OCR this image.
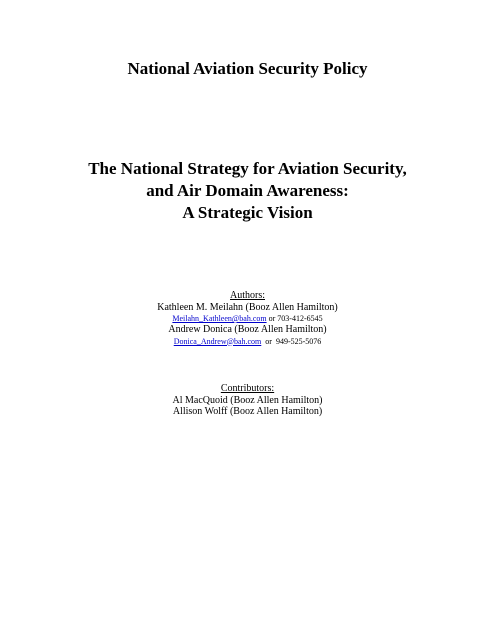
National Aviation Security Policy
The National Strategy for Aviation Security,
and Air Domain Awareness:
A Strategic Vision
Authors:
Kathleen M. Meilahn (Booz Allen Hamilton)
Meilahn_Kathleen@bah.com or 703-412-6545
Andrew Donica (Booz Allen Hamilton)
Donica_Andrew@bah.com  or  949-525-5076
Contributors:
Al MacQuoid (Booz Allen Hamilton)
Allison Wolff (Booz Allen Hamilton)
